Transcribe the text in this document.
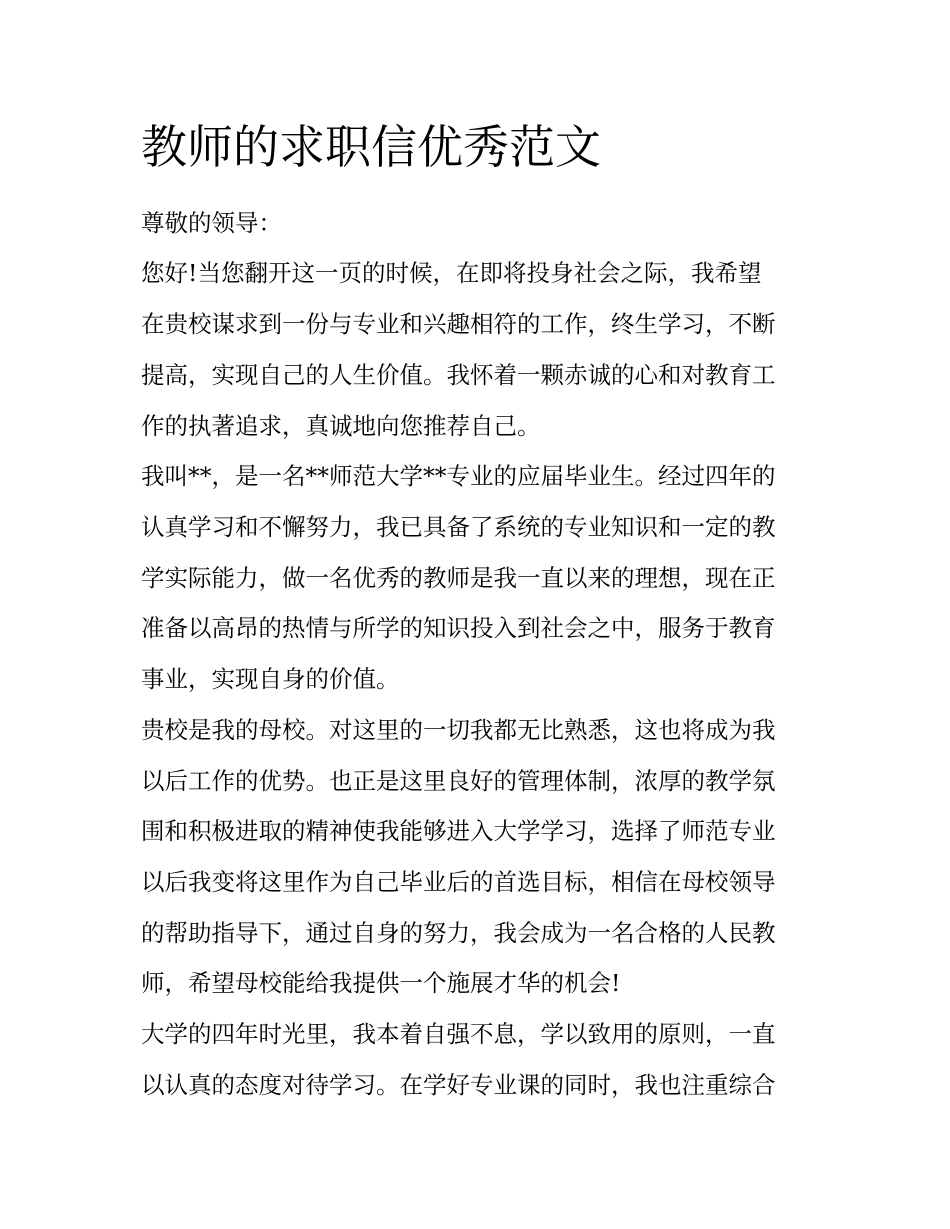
教师的求职信优秀范文

尊敬的领导：

您好!当您翻开这一页的时候，在即将投身社会之际，我希望

在贵校谋求到一份与专业和兴趣相符的工作，终生学习，不断

提高，实现自己的人生价值。我怀着一颗赤诚的心和对教育工

作的执著追求，真诚地向您推荐自己。

我叫**，是一名**师范大学**专业的应届毕业生。经过四年的

认真学习和不懈努力，我已具备了系统的专业知识和一定的教

学实际能力，做一名优秀的教师是我一直以来的理想，现在正

准备以高昂的热情与所学的知识投入到社会之中，服务于教育

事业，实现自身的价值。

贵校是我的母校。对这里的一切我都无比熟悉，这也将成为我

以后工作的优势。也正是这里良好的管理体制，浓厚的教学氛

围和积极进取的精神使我能够进入大学学习，选择了师范专业

以后我变将这里作为自己毕业后的首选目标，相信在母校领导

的帮助指导下，通过自身的努力，我会成为一名合格的人民教

师，希望母校能给我提供一个施展才华的机会!

大学的四年时光里，我本着自强不息，学以致用的原则，一直

以认真的态度对待学习。在学好专业课的同时，我也注重综合
